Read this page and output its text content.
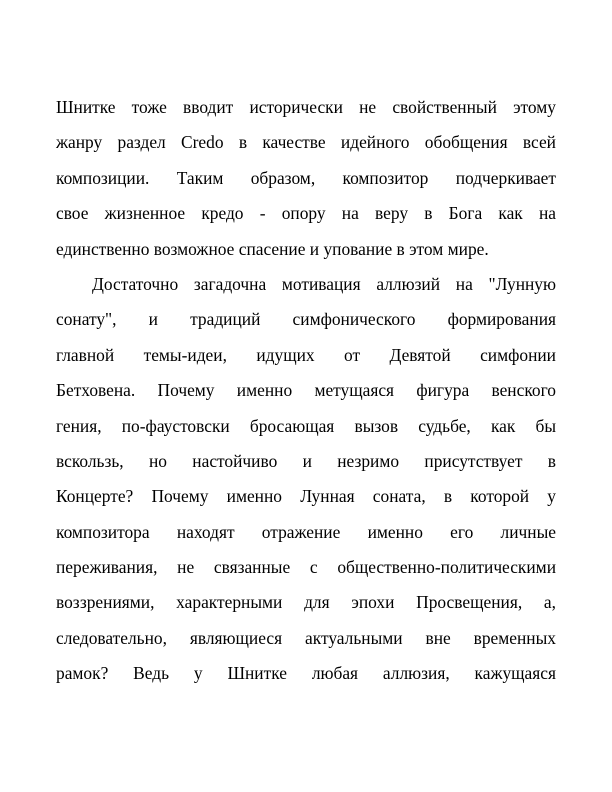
Шнитке тоже вводит исторически не свойственный этому
жанру раздел Credo в качестве идейного обобщения всей
композиции. Таким образом, композитор подчеркивает
свое жизненное кредо - опору на веру в Бога как на
единственно возможное спасение и упование в этом мире.
Достаточно загадочна мотивация аллюзий на "Лунную
сонату", и традиций симфонического формирования
главной темы-идеи, идущих от Девятой симфонии
Бетховена. Почему именно метущаяся фигура венского
гения, по-фаустовски бросающая вызов судьбе, как бы
вскользь, но настойчиво и незримо присутствует в
Концерте? Почему именно Лунная соната, в которой у
композитора находят отражение именно его личные
переживания, не связанные с общественно-политическими
воззрениями, характерными для эпохи Просвещения, а,
следовательно, являющиеся актуальными вне временных
рамок? Ведь у Шнитке любая аллюзия, кажущаяся
